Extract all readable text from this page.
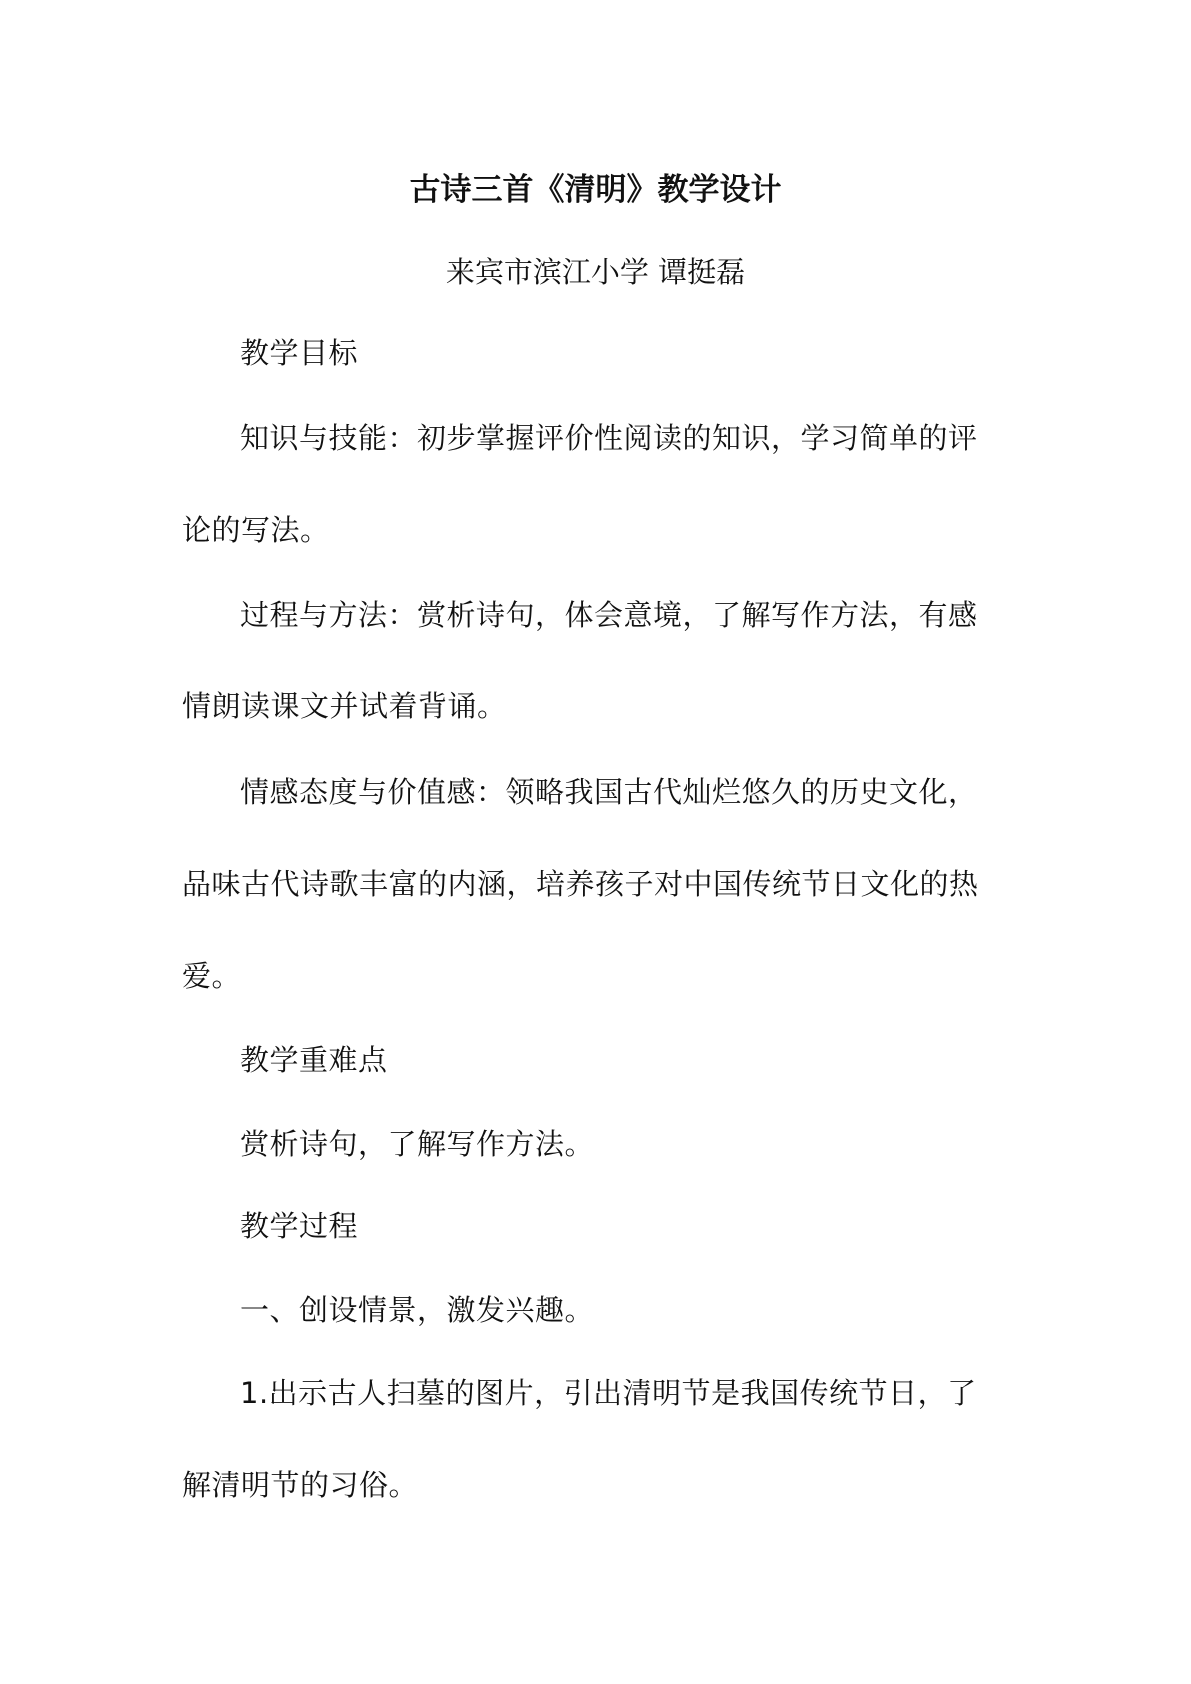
古诗三首《清明》教学设计
来宾市滨江小学 谭挺磊
教学目标
知识与技能：初步掌握评价性阅读的知识，学习简单的评
论的写法。
过程与方法：赏析诗句，体会意境，了解写作方法，有感
情朗读课文并试着背诵。
情感态度与价值感：领略我国古代灿烂悠久的历史文化，
品味古代诗歌丰富的内涵，培养孩子对中国传统节日文化的热
爱。
教学重难点
赏析诗句，了解写作方法。
教学过程
一、创设情景，激发兴趣。
1.出示古人扫墓的图片，引出清明节是我国传统节日，了
解清明节的习俗。
